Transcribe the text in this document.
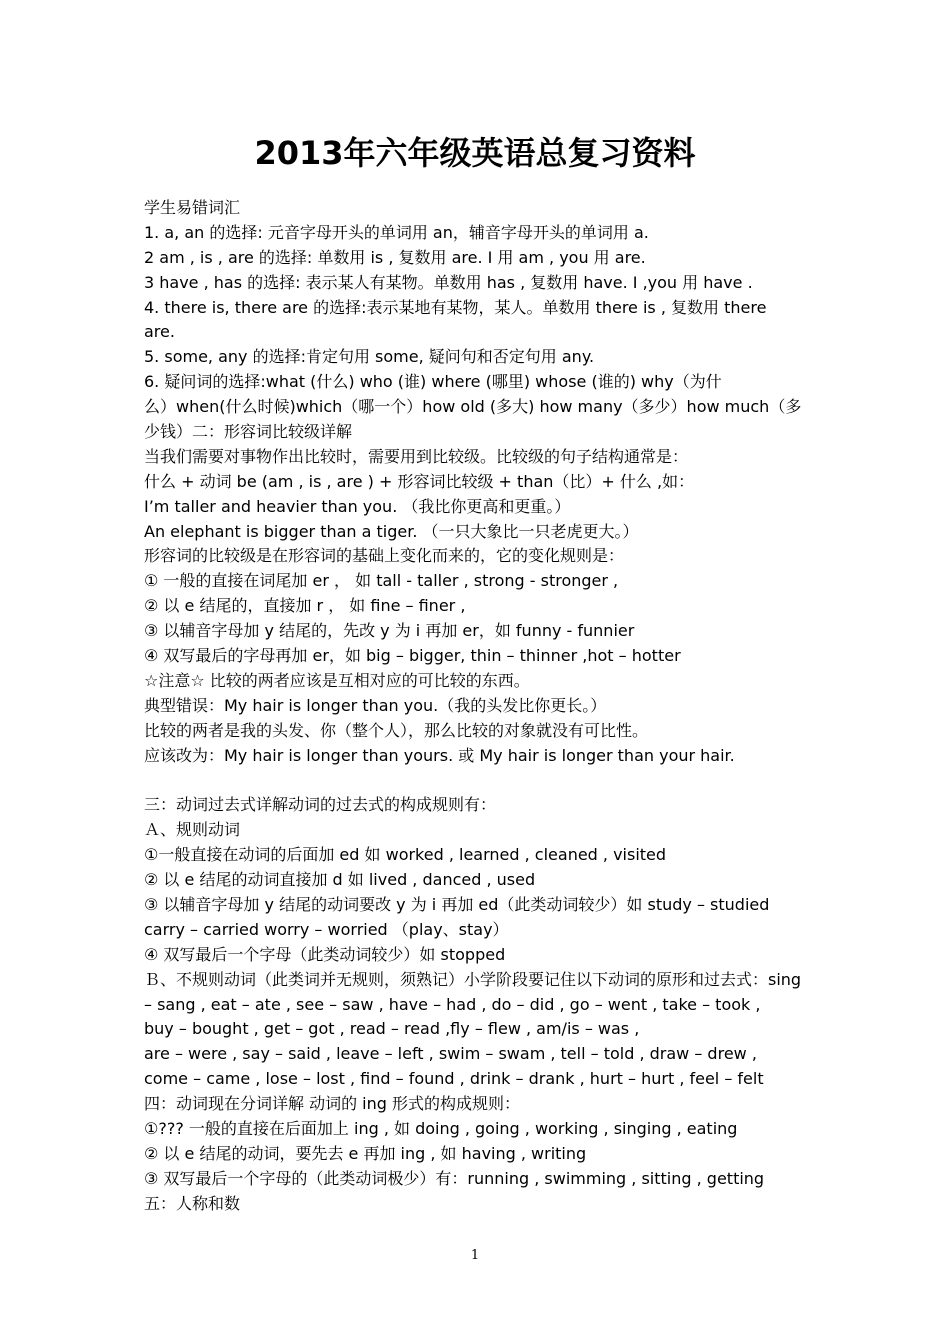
2013年六年级英语总复习资料
学生易错词汇
1. a, an 的选择: 元音字母开头的单词用 an，辅音字母开头的单词用 a.
2 am , is , are 的选择: 单数用 is , 复数用 are. I 用 am , you 用 are.
3 have , has 的选择: 表示某人有某物。单数用 has , 复数用 have. I ,you 用 have .
4. there is, there are 的选择:表示某地有某物，某人。单数用 there is , 复数用 there
are.
5. some, any 的选择:肯定句用 some, 疑问句和否定句用 any.
6. 疑问词的选择:what (什么) who (谁) where (哪里) whose (谁的) why（为什
么）when(什么时候)which（哪一个）how old (多大) how many（多少）how much（多
少钱）二：形容词比较级详解
当我们需要对事物作出比较时，需要用到比较级。比较级的句子结构通常是：
什么 + 动词 be (am , is , are ) + 形容词比较级 + than（比）+ 什么 ,如：
I’m taller and heavier than you. （我比你更高和更重。）
An elephant is bigger than a tiger. （一只大象比一只老虎更大。）
形容词的比较级是在形容词的基础上变化而来的，它的变化规则是：
① 一般的直接在词尾加 er ， 如 tall - taller , strong - stronger ,
② 以 e 结尾的，直接加 r ， 如 fine – finer ,
③ 以辅音字母加 y 结尾的，先改 y 为 i 再加 er，如 funny - funnier
④ 双写最后的字母再加 er，如 big – bigger, thin – thinner ,hot – hotter
☆注意☆ 比较的两者应该是互相对应的可比较的东西。
典型错误：My hair is longer than you.（我的头发比你更长。）
比较的两者是我的头发、你（整个人），那么比较的对象就没有可比性。
应该改为：My hair is longer than yours. 或 My hair is longer than your hair.
三：动词过去式详解动词的过去式的构成规则有：
Ａ、规则动词
①一般直接在动词的后面加 ed 如 worked , learned , cleaned , visited
② 以 e 结尾的动词直接加 d 如 lived , danced , used
③ 以辅音字母加 y 结尾的动词要改 y 为 i 再加 ed（此类动词较少）如 study – studied
carry – carried worry – worried （play、stay）
④ 双写最后一个字母（此类动词较少）如 stopped
Ｂ、不规则动词（此类词并无规则，须熟记）小学阶段要记住以下动词的原形和过去式：sing
– sang , eat – ate , see – saw , have – had , do – did , go – went , take – took ,
buy – bought , get – got , read – read ,fly – flew , am/is – was ,
are – were , say – said , leave – left , swim – swam , tell – told , draw – drew ,
come – came , lose – lost , find – found , drink – drank , hurt – hurt , feel – felt
四：动词现在分词详解 动词的 ing 形式的构成规则：
①??? 一般的直接在后面加上 ing , 如 doing , going , working , singing , eating
② 以 e 结尾的动词，要先去 e 再加 ing , 如 having , writing
③ 双写最后一个字母的（此类动词极少）有：running , swimming , sitting , getting
五：人称和数
1
